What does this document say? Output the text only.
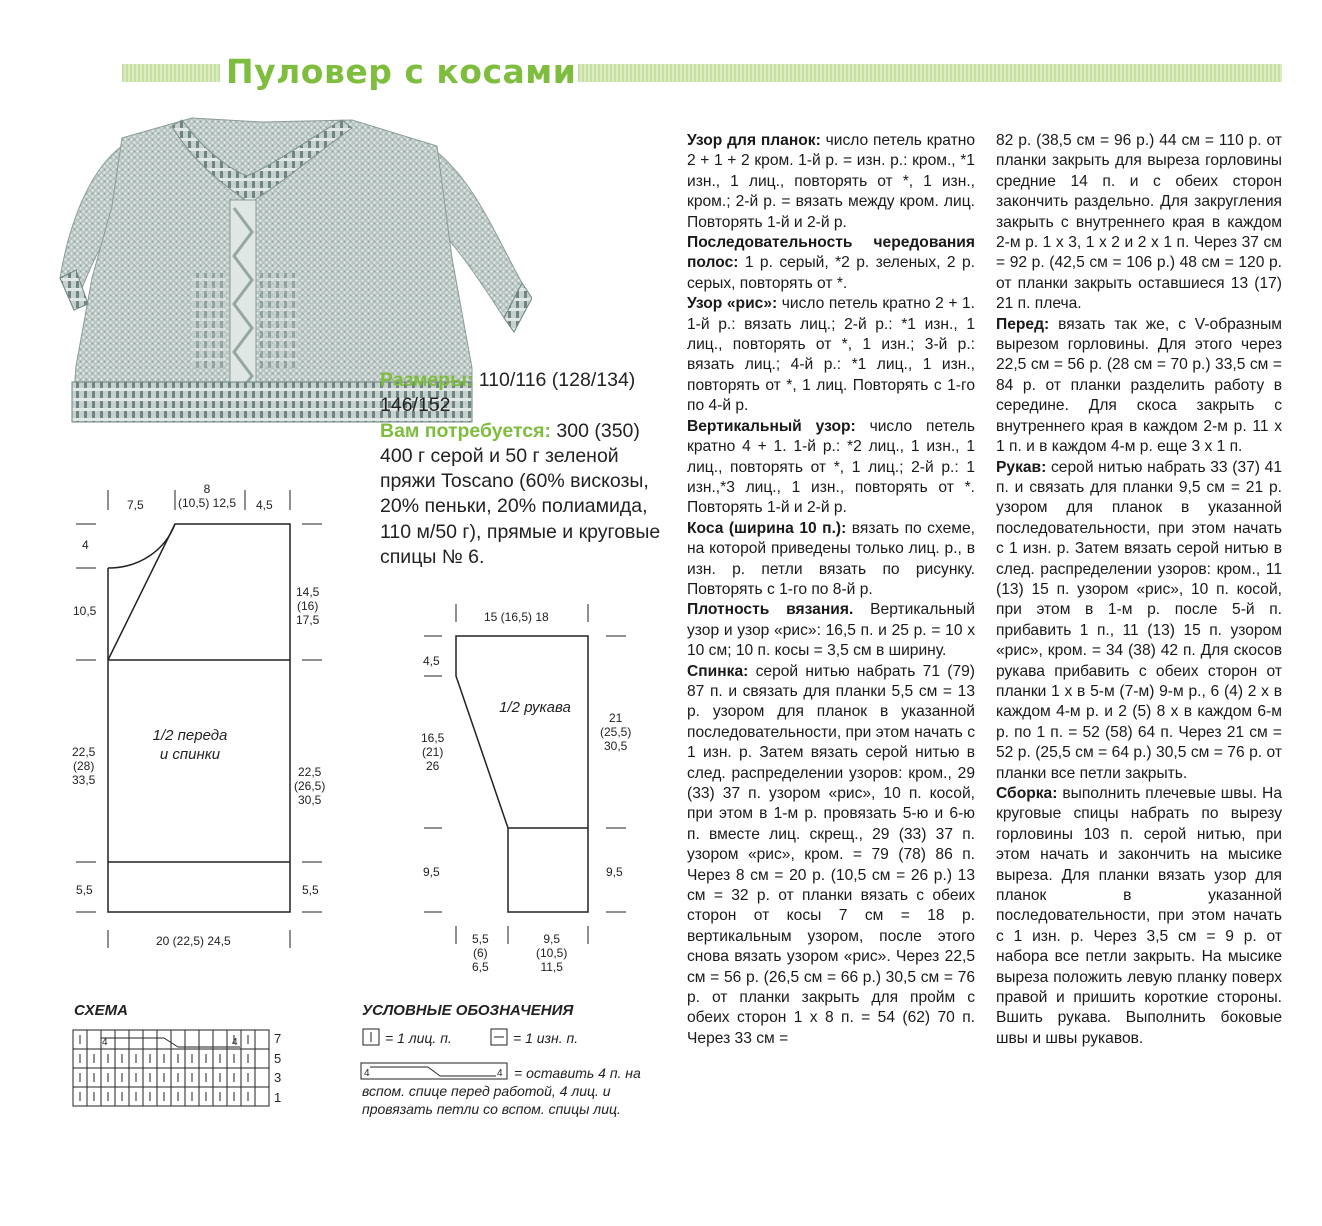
Пуловер с косами
Размеры: 110/116 (128/134) 146/152
Вам потребуется: 300 (350) 400 г серой и 50 г зеленой пряжи Toscano (60% вискозы, 20% пеньки, 20% полиамида, 110 м/50 г), прямые и круговые спицы № 6.
8
(10,5) 12,5
7,5	4,5
4
10,5
14,5
(16)
17,5
1/2 переда
и спинки
22,5
(28)
33,5
22,5
(26,5)
30,5
5,5	5,5
20 (22,5) 24,5
15 (16,5) 18
4,5
1/2 рукава
21
(25,5)
30,5
16,5
(21)
26
9,5	9,5
5,5
(6)
6,5
9,5
(10,5)
11,5
СХЕМА
4	4	7
5
3
1
УСЛОВНЫЕ ОБОЗНАЧЕНИЯ
= 1 лиц. п.	= 1 изн. п.
4	4 = оставить 4 п. на вспом. спице перед работой, 4 лиц. и провязать петли со вспом. спицы лиц.

Узор для планок: число петель кратно 2 + 1 + 2 кром. 1-й р. = изн. р.: кром., *1 изн., 1 лиц., повторять от *, 1 изн., кром.; 2-й р. = вязать между кром. лиц. Повторять 1-й и 2-й р.

Последовательность чередования полос: 1 р. серый, *2 р. зеленых, 2 р. серых, повторять от *.

Узор «рис»: число петель кратно 2 + 1. 1-й р.: вязать лиц.; 2-й р.: *1 изн., 1 лиц., повторять от *, 1 изн.; 3-й р.: вязать лиц.; 4-й р.: *1 лиц., 1 изн., повторять от *, 1 лиц. Повторять с 1-го по 4-й р.

Вертикальный узор: число петель кратно 4 + 1. 1-й р.: *2 лиц., 1 изн., 1 лиц., повторять от *, 1 лиц.; 2-й р.: 1 изн.,*3 лиц., 1 изн., повторять от *. Повторять 1-й и 2-й р.

Коса (ширина 10 п.): вязать по схеме, на которой приведены только лиц. р., в изн. р. петли вязать по рисунку. Повторять с 1-го по 8-й р.

Плотность вязания. Вертикальный узор и узор «рис»: 16,5 п. и 25 р. = 10 x 10 см; 10 п. косы = 3,5 см в ширину.

Спинка: серой нитью набрать 71 (79) 87 п. и связать для планки 5,5 см = 13 р. узором для планок в указанной последовательности, при этом начать с 1 изн. р. Затем вязать серой нитью в след. распределении узоров: кром., 29 (33) 37 п. узором «рис», 10 п. косой, при этом в 1-м р. провязать 5-ю и 6-ю п. вместе лиц. скрещ., 29 (33) 37 п. узором «рис», кром. = 79 (78) 86 п. Через 8 см = 20 р. (10,5 см = 26 р.) 13 см = 32 р. от планки вязать с обеих сторон от косы 7 см = 18 р. вертикальным узором, после этого снова вязать узором «рис». Через 22,5 см = 56 р. (26,5 см = 66 р.) 30,5 см = 76 р. от планки закрыть для пройм с обеих сторон 1 x 8 п. = 54 (62) 70 п. Через 33 см =

82 р. (38,5 см = 96 р.) 44 см = 110 р. от планки закрыть для выреза горловины средние 14 п. и с обеих сторон закончить раздельно. Для закругления закрыть с внутреннего края в каждом 2-м р. 1 x 3, 1 x 2 и 2 x 1 п. Через 37 см = 92 р. (42,5 см = 106 р.) 48 см = 120 р. от планки закрыть оставшиеся 13 (17) 21 п. плеча.

Перед: вязать так же, с V-образным вырезом горловины. Для этого через 22,5 см = 56 р. (28 см = 70 р.) 33,5 см = 84 р. от планки разделить работу в середине. Для скоса закрыть с внутреннего края в каждом 2-м р. 11 x 1 п. и в каждом 4-м р. еще 3 x 1 п.

Рукав: серой нитью набрать 33 (37) 41 п. и связать для планки 9,5 см = 21 р. узором для планок в указанной последовательности, при этом начать с 1 изн. р. Затем вязать серой нитью в след. распределении узоров: кром., 11 (13) 15 п. узором «рис», 10 п. косой, при этом в 1-м р. после 5-й п. прибавить 1 п., 11 (13) 15 п. узором «рис», кром. = 34 (38) 42 п. Для скосов рукава прибавить с обеих сторон от планки 1 x в 5-м (7-м) 9-м р., 6 (4) 2 x в каждом 4-м р. и 2 (5) 8 x в каждом 6-м р. по 1 п. = 52 (58) 64 п. Через 21 см = 52 р. (25,5 см = 64 р.) 30,5 см = 76 р. от планки все петли закрыть.

Сборка: выполнить плечевые швы. На круговые спицы набрать по вырезу горловины 103 п. серой нитью, при этом начать и закончить на мысике выреза. Для планки вязать узор для планок в указанной последовательности, при этом начать с 1 изн. р. Через 3,5 см = 9 р. от набора все петли закрыть. На мысике выреза положить левую планку поверх правой и пришить короткие стороны. Вшить рукава. Выполнить боковые швы и швы рукавов.
